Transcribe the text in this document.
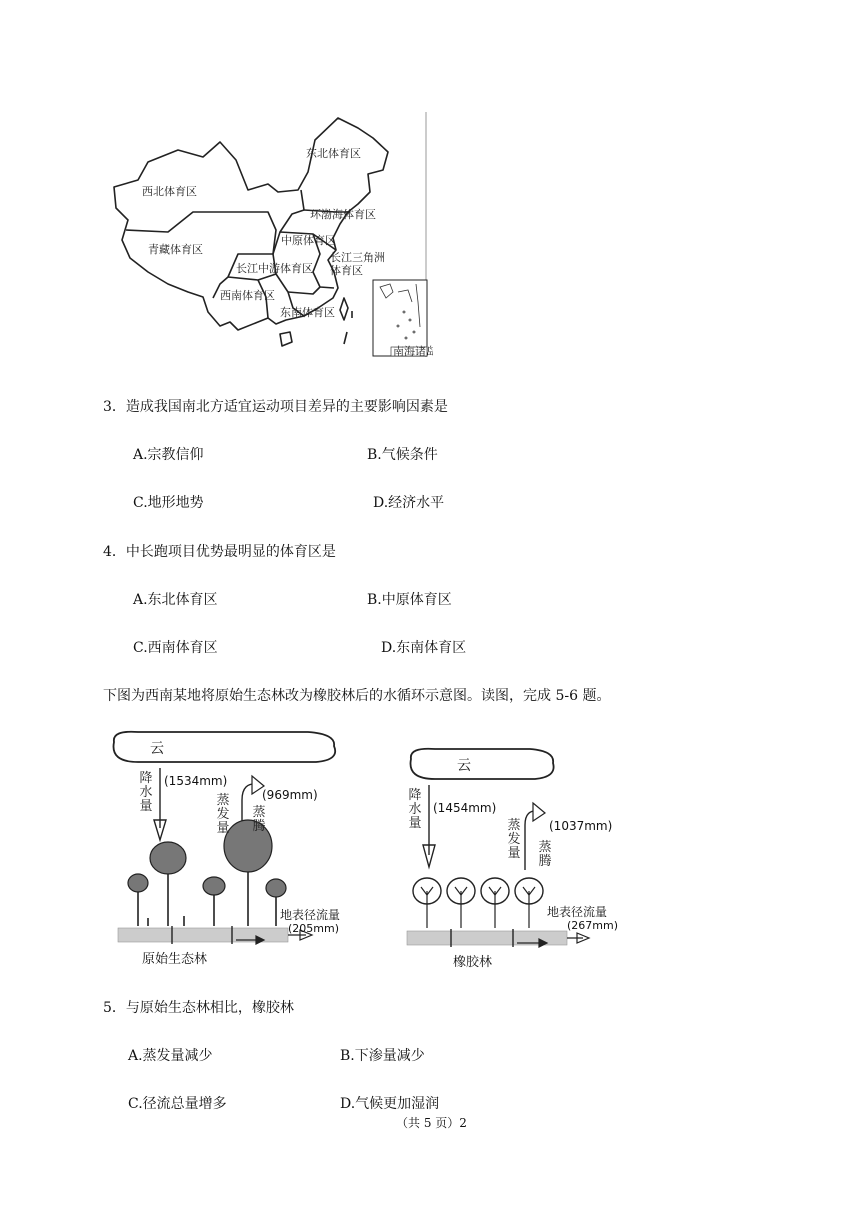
南海诸岛
东北体育区
西北体育区
环渤海体育区
中原体育区
青藏体育区
长江中游体育区
长江三角洲
体育区
西南体育区
东南体育区
3．造成我国南北方适宜运动项目差异的主要影响因素是
A.宗教信仰	B.气候条件
C.地形地势	D.经济水平
4．中长跑项目优势最明显的体育区是
A.东北体育区	B.中原体育区
C.西南体育区	D.东南体育区
下图为西南某地将原始生态林改为橡胶林后的水循环示意图。读图，完成 5-6 题。
云
降水量
(1534mm)
蒸发量
蒸腾
(969mm)
地表径流量
(205mm)
原始生态林
云
降水量
(1454mm)
蒸发量 蒸腾
(1037mm)
地表径流量
(267mm)
橡胶林
5．与原始生态林相比，橡胶林
A.蒸发量减少	B.下渗量减少
C.径流总量增多	D.气候更加湿润
（共 5 页）2
